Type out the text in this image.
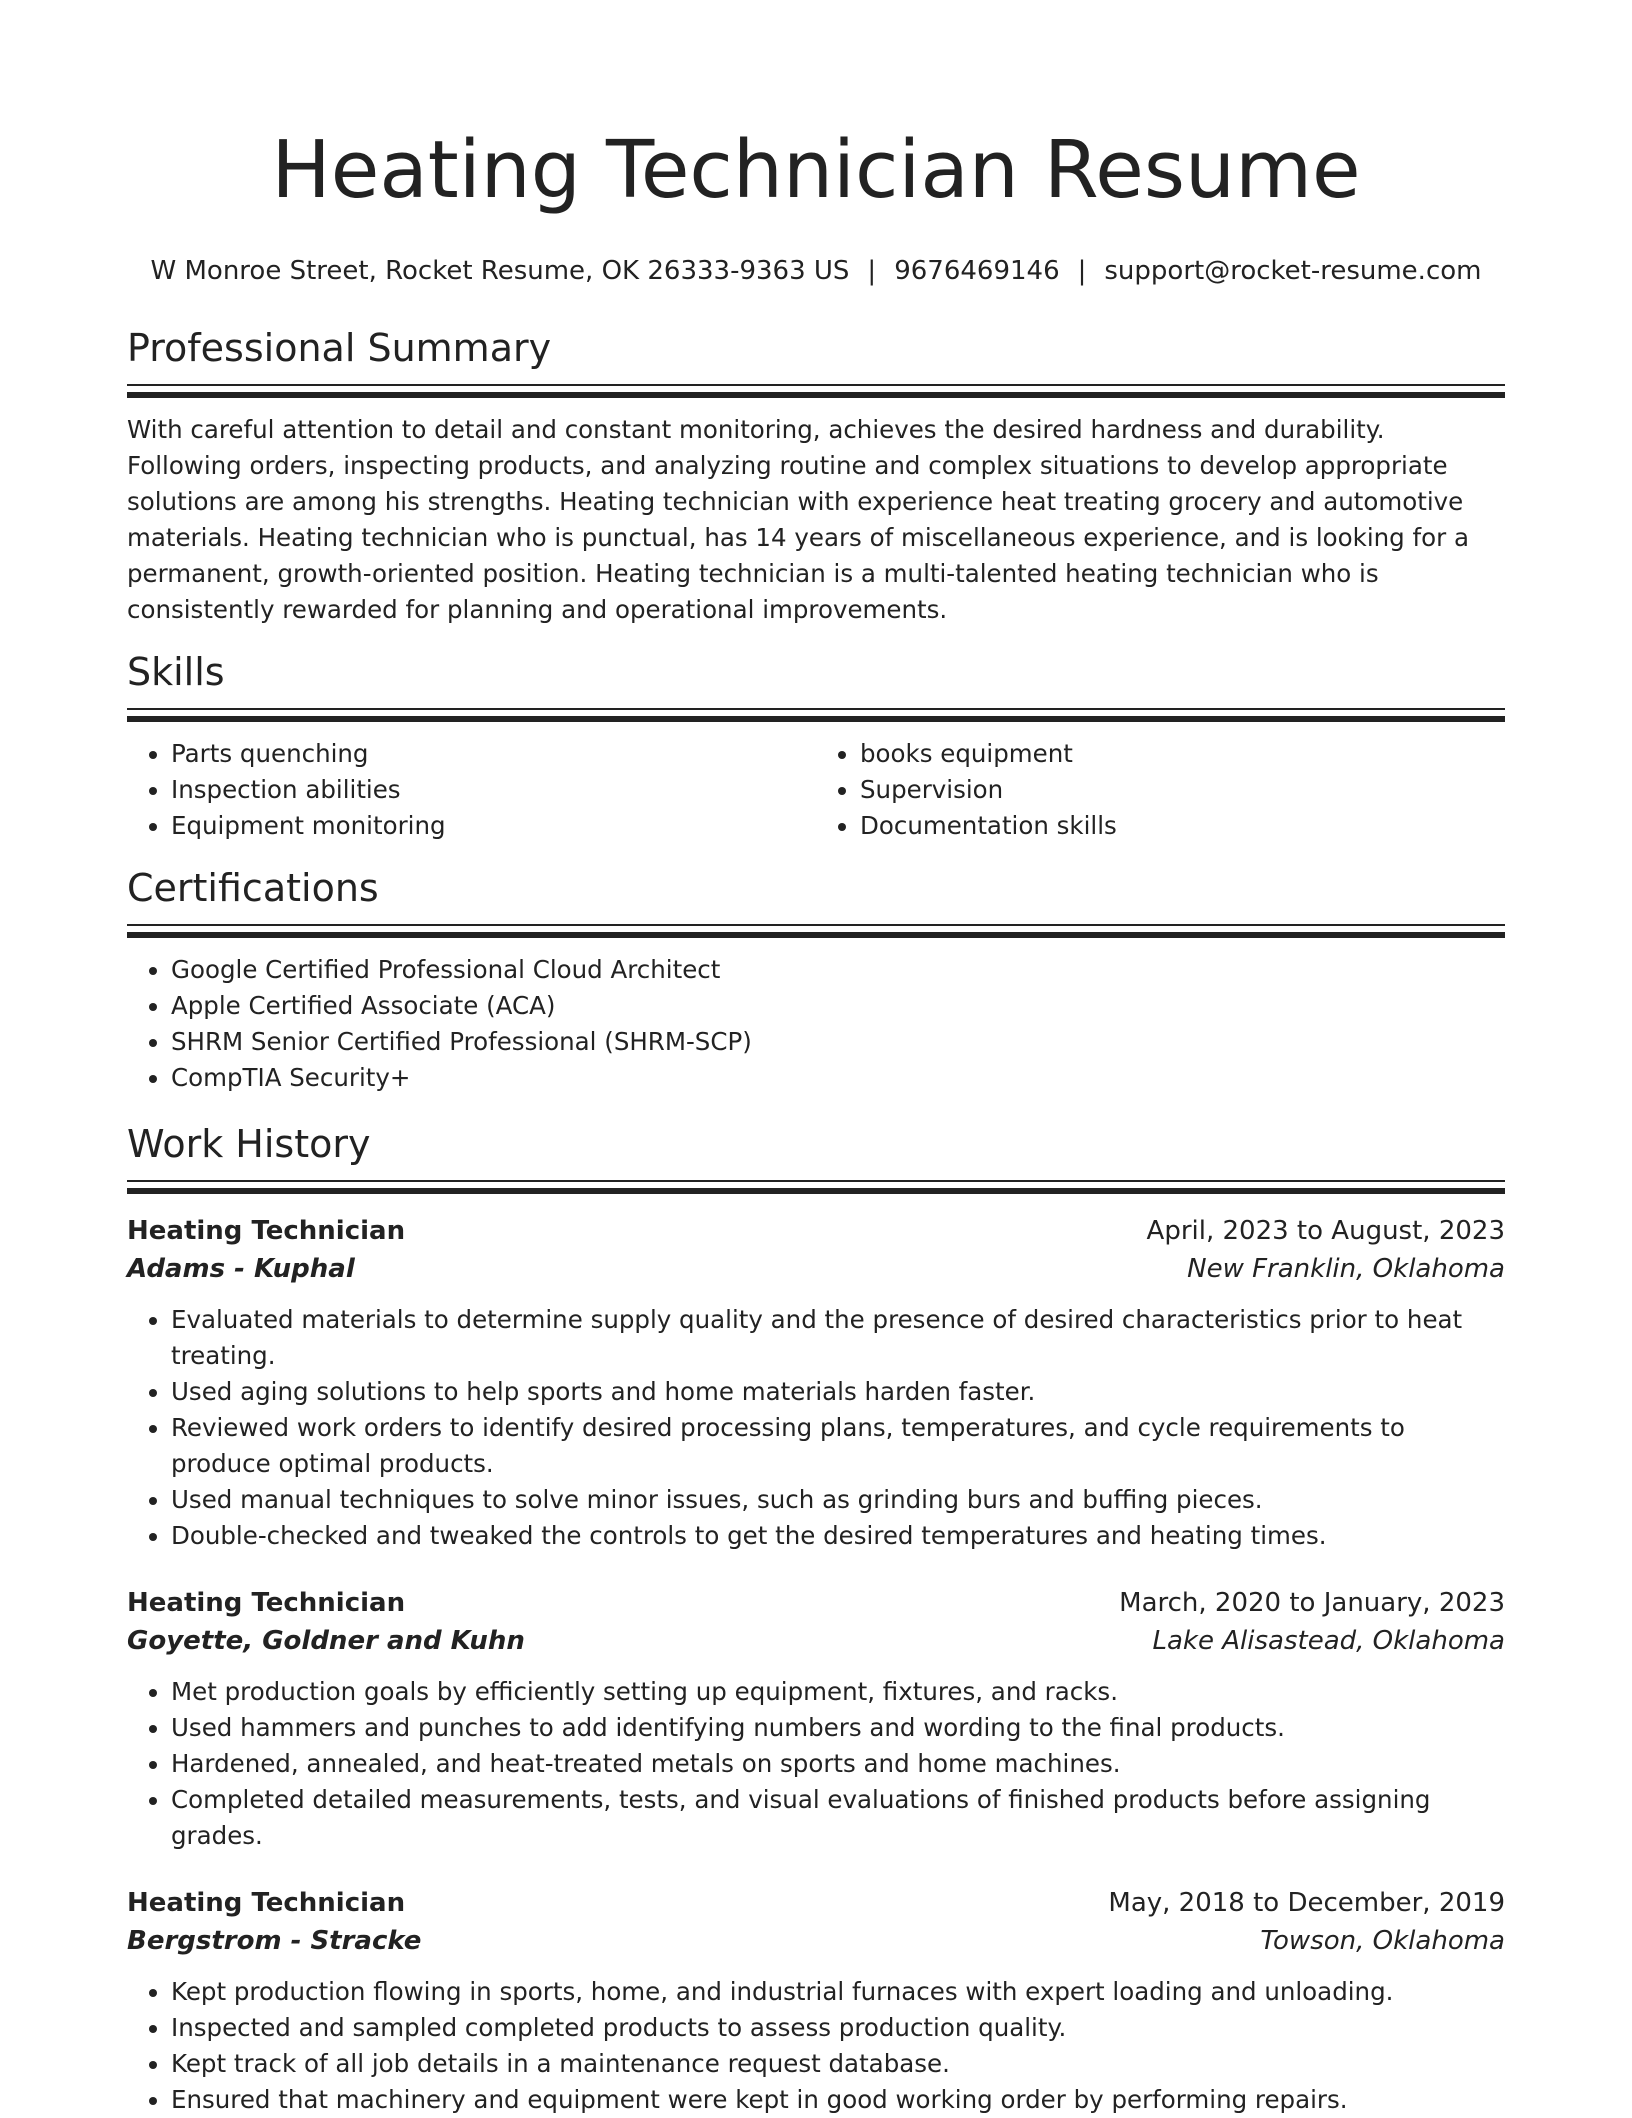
Heating Technician Resume
W Monroe Street, Rocket Resume, OK 26333-9363 US | 9676469146 | support@rocket-resume.com
Professional Summary

With careful attention to detail and constant monitoring, achieves the desired hardness and durability. Following orders, inspecting products, and analyzing routine and complex situations to develop appropriate solutions are among his strengths. Heating technician with experience heat treating grocery and automotive materials. Heating technician who is punctual, has 14 years of miscellaneous experience, and is looking for a permanent, growth-oriented position. Heating technician is a multi-talented heating technician who is consistently rewarded for planning and operational improvements.

Skills
• Parts quenching
• Inspection abilities
• Equipment monitoring
• books equipment
• Supervision
• Documentation skills
Certifications
• Google Certified Professional Cloud Architect
• Apple Certified Associate (ACA)
• SHRM Senior Certified Professional (SHRM-SCP)
• CompTIA Security+
Work History
Heating Technician	April, 2023 to August, 2023
Adams - Kuphal	New Franklin, Oklahoma
• Evaluated materials to determine supply quality and the presence of desired characteristics prior to heat treating.
• Used aging solutions to help sports and home materials harden faster.
• Reviewed work orders to identify desired processing plans, temperatures, and cycle requirements to produce optimal products.
• Used manual techniques to solve minor issues, such as grinding burs and buffing pieces.
• Double-checked and tweaked the controls to get the desired temperatures and heating times.
Heating Technician	March, 2020 to January, 2023
Goyette, Goldner and Kuhn	Lake Alisastead, Oklahoma
• Met production goals by efficiently setting up equipment, fixtures, and racks.
• Used hammers and punches to add identifying numbers and wording to the final products.
• Hardened, annealed, and heat-treated metals on sports and home machines.
• Completed detailed measurements, tests, and visual evaluations of finished products before assigning grades.
Heating Technician	May, 2018 to December, 2019
Bergstrom - Stracke	Towson, Oklahoma
• Kept production flowing in sports, home, and industrial furnaces with expert loading and unloading.
• Inspected and sampled completed products to assess production quality.
• Kept track of all job details in a maintenance request database.
• Ensured that machinery and equipment were kept in good working order by performing repairs.
